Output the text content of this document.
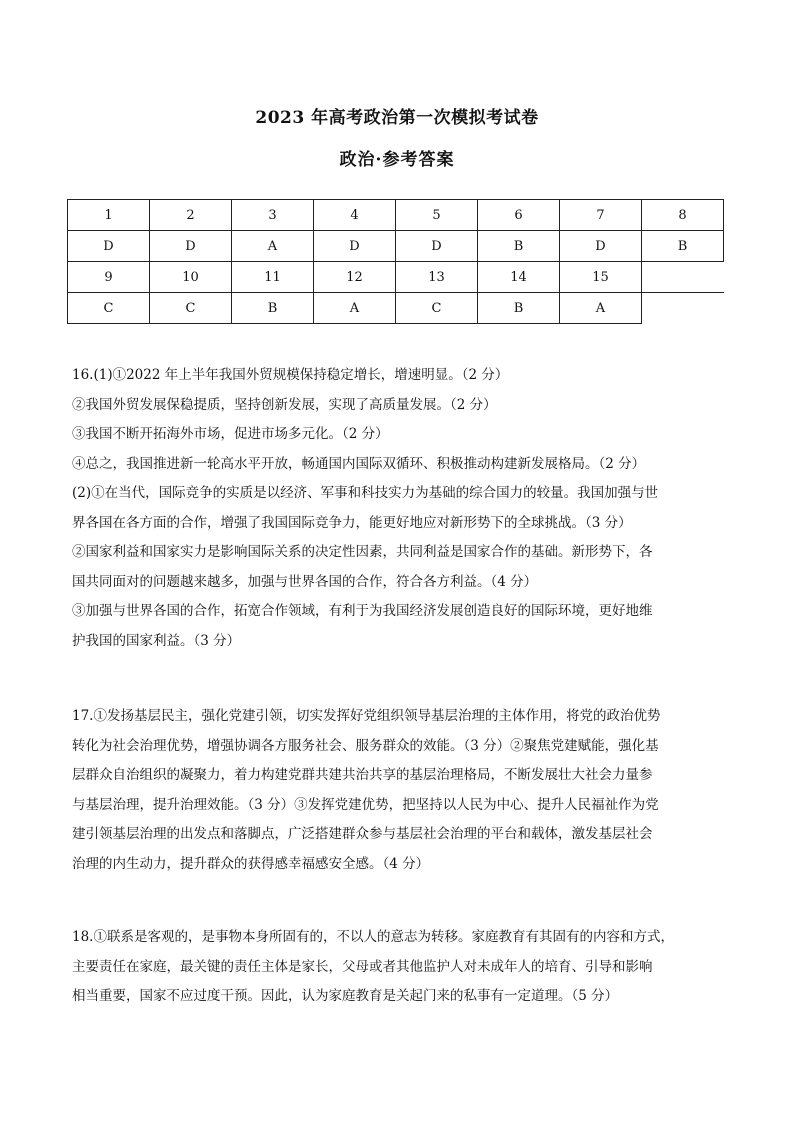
2023 年高考政治第一次模拟考试卷
政治·参考答案
1	2	3	4	5	6	7	8
D	D	A	D	D	B	D	B
9	10	11	12	13	14	15	
C	C	B	A	C	B	A	
16.(1)①2022 年上半年我国外贸规模保持稳定增长，增速明显。（2 分）
②我国外贸发展保稳提质，坚持创新发展，实现了高质量发展。（2 分）
③我国不断开拓海外市场，促进市场多元化。（2 分）
④总之，我国推进新一轮高水平开放，畅通国内国际双循环、积极推动构建新发展格局。（2 分）
(2)①在当代，国际竞争的实质是以经济、军事和科技实力为基础的综合国力的较量。我国加强与世
界各国在各方面的合作，增强了我国国际竞争力，能更好地应对新形势下的全球挑战。（3 分）
②国家利益和国家实力是影响国际关系的决定性因素，共同利益是国家合作的基础。新形势下，各
国共同面对的问题越来越多，加强与世界各国的合作，符合各方利益。（4 分）
③加强与世界各国的合作，拓宽合作领域，有利于为我国经济发展创造良好的国际环境，更好地维
护我国的国家利益。（3 分）
17.①发扬基层民主，强化党建引领，切实发挥好党组织领导基层治理的主体作用，将党的政治优势
转化为社会治理优势，增强协调各方服务社会、服务群众的效能。（3 分）②聚焦党建赋能，强化基
层群众自治组织的凝聚力，着力构建党群共建共治共享的基层治理格局，不断发展壮大社会力量参
与基层治理，提升治理效能。（3 分）③发挥党建优势，把坚持以人民为中心、提升人民福祉作为党
建引领基层治理的出发点和落脚点，广泛搭建群众参与基层社会治理的平台和载体，激发基层社会
治理的内生动力，提升群众的获得感幸福感安全感。（4 分）
18.①联系是客观的，是事物本身所固有的，不以人的意志为转移。家庭教育有其固有的内容和方式，
主要责任在家庭，最关键的责任主体是家长，父母或者其他监护人对未成年人的培育、引导和影响
相当重要，国家不应过度干预。因此，认为家庭教育是关起门来的私事有一定道理。（5 分）
